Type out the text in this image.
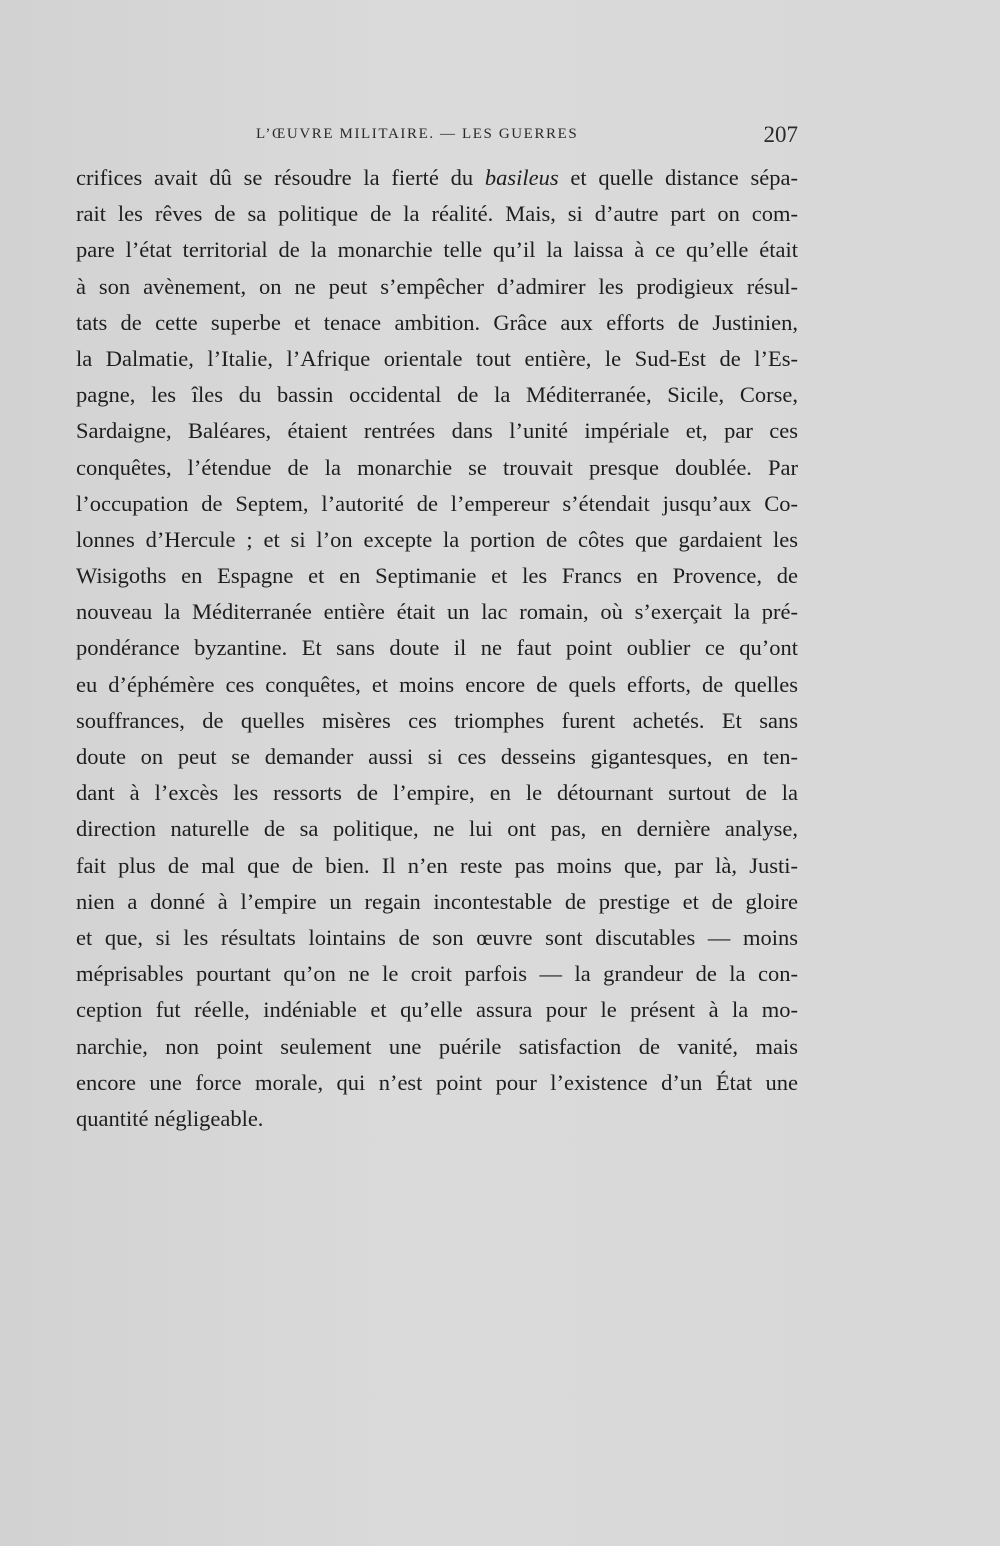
L’ŒUVRE MILITAIRE. — LES GUERRES	207
crifices avait dû se résoudre la fierté du basileus et quelle distance sépa-
rait les rêves de sa politique de la réalité. Mais, si d’autre part on com-
pare l’état territorial de la monarchie telle qu’il la laissa à ce qu’elle était
à son avènement, on ne peut s’empêcher d’admirer les prodigieux résul-
tats de cette superbe et tenace ambition. Grâce aux efforts de Justinien,
la Dalmatie, l’Italie, l’Afrique orientale tout entière, le Sud-Est de l’Es-
pagne, les îles du bassin occidental de la Méditerranée, Sicile, Corse,
Sardaigne, Baléares, étaient rentrées dans l’unité impériale et, par ces
conquêtes, l’étendue de la monarchie se trouvait presque doublée. Par
l’occupation de Septem, l’autorité de l’empereur s’étendait jusqu’aux Co-
lonnes d’Hercule ; et si l’on excepte la portion de côtes que gardaient les
Wisigoths en Espagne et en Septimanie et les Francs en Provence, de
nouveau la Méditerranée entière était un lac romain, où s’exerçait la pré-
pondérance byzantine. Et sans doute il ne faut point oublier ce qu’ont
eu d’éphémère ces conquêtes, et moins encore de quels efforts, de quelles
souffrances, de quelles misères ces triomphes furent achetés. Et sans
doute on peut se demander aussi si ces desseins gigantesques, en ten-
dant à l’excès les ressorts de l’empire, en le détournant surtout de la
direction naturelle de sa politique, ne lui ont pas, en dernière analyse,
fait plus de mal que de bien. Il n’en reste pas moins que, par là, Justi-
nien a donné à l’empire un regain incontestable de prestige et de gloire
et que, si les résultats lointains de son œuvre sont discutables — moins
méprisables pourtant qu’on ne le croit parfois — la grandeur de la con-
ception fut réelle, indéniable et qu’elle assura pour le présent à la mo-
narchie, non point seulement une puérile satisfaction de vanité, mais
encore une force morale, qui n’est point pour l’existence d’un État une
quantité négligeable.
